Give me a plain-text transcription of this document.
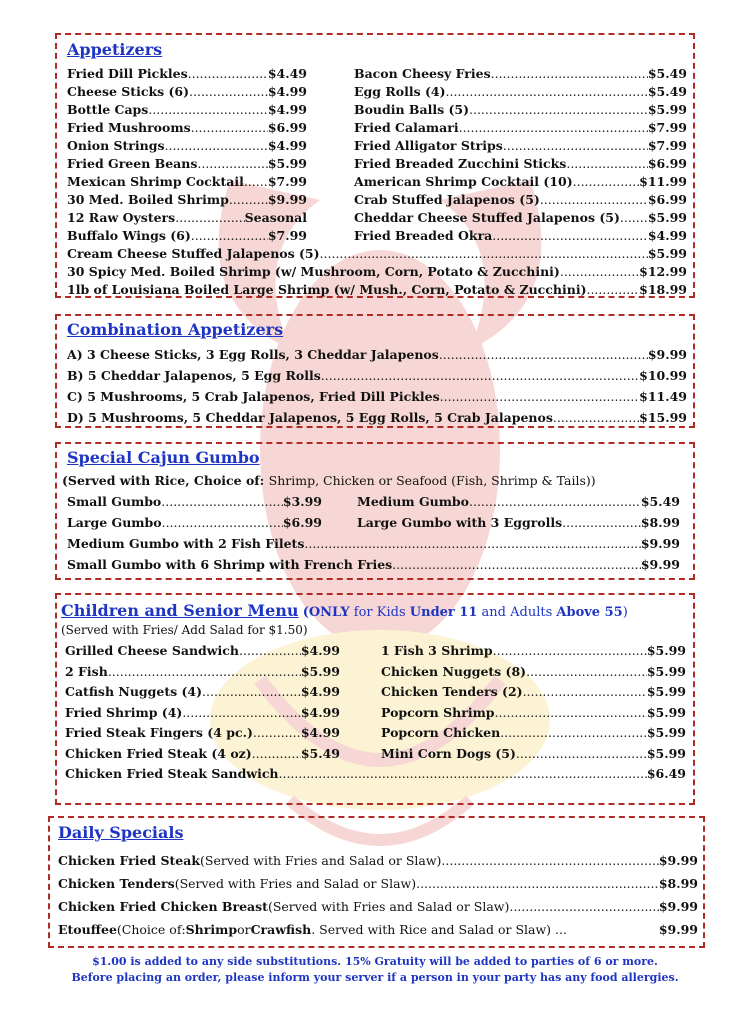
Appetizers
Fried Dill Pickles .....	$4.49	Bacon Cheesy Fries .....	$5.49
Cheese Sticks (6) .....	$4.99	Egg Rolls (4) .....	$5.49
Bottle Caps .....	$4.99	Boudin Balls (5) .....	$5.99
Fried Mushrooms .....	$6.99	Fried Calamari .....	$7.99
Onion Strings .....	$4.99	Fried Alligator Strips .....	$7.99
Fried Green Beans .....	$5.99	Fried Breaded Zucchini Sticks .....	$6.99
Mexican Shrimp Cocktail ..... $7.99	American Shrimp Cocktail (10) .....	$11.99
30 Med. Boiled Shrimp .....	$9.99	Crab Stuffed Jalapenos (5) .....	$6.99
12 Raw Oysters .....	Seasonal	Cheddar Cheese Stuffed Jalapenos (5) ..... $5.99
Buffalo Wings (6) .....	$7.99	Fried Breaded Okra .....	$4.99
Cream Cheese Stuffed Jalapenos (5) .....	$5.99
30 Spicy Med. Boiled Shrimp (w/ Mushroom, Corn, Potato & Zucchini) .....	$12.99
1lb of Louisiana Boiled Large Shrimp (w/ Mush., Corn, Potato & Zucchini) .....	$18.99
Combination Appetizers
A) 3 Cheese Sticks, 3 Egg Rolls, 3 Cheddar Jalapenos .....	$9.99
B) 5 Cheddar Jalapenos, 5 Egg Rolls .....	$10.99
C) 5 Mushrooms, 5 Crab Jalapenos, Fried Dill Pickles .....	$11.49
D) 5 Mushrooms, 5 Cheddar Jalapenos, 5 Egg Rolls, 5 Crab Jalapenos .....	$15.99
Special Cajun Gumbo
(Served with Rice, Choice of: Shrimp, Chicken or Seafood (Fish, Shrimp & Tails))
Small Gumbo .....	$3.99	Medium Gumbo .....	$5.49
Large Gumbo .....	$6.99	Large Gumbo with 3 Eggrolls .....	$8.99
Medium Gumbo with 2 Fish Filets .....	$9.99
Small Gumbo with 6 Shrimp with French Fries .....	$9.99
Children and Senior Menu (ONLY for Kids Under 11 and Adults Above 55)
(Served with Fries/ Add Salad for $1.50)
Grilled Cheese Sandwich .....	$4.99	1 Fish 3 Shrimp .....	$5.99
2 Fish .....	$5.99	Chicken Nuggets (8) .....	$5.99
Catfish Nuggets (4) .....	$4.99	Chicken Tenders (2) .....	$5.99
Fried Shrimp (4) .....	$4.99	Popcorn Shrimp .....	$5.99
Fried Steak Fingers (4 pc.) .....	$4.99	Popcorn Chicken .....	$5.99
Chicken Fried Steak (4 oz) .....	$5.49	Mini Corn Dogs (5) .....	$5.99
Chicken Fried Steak Sandwich .....	$6.49
Daily Specials
Chicken Fried Steak (Served with Fries and Salad or Slaw) .....	$9.99
Chicken Tenders (Served with Fries and Salad or Slaw) .....	$8.99
Chicken Fried Chicken Breast (Served with Fries and Salad or Slaw) .....	$9.99
Etouffee (Choice of: Shrimp or Crawfish . Served with Rice and Salad or Slaw) ...	$9.99
$1.00 is added to any side substitutions. 15% Gratuity will be added to parties of 6 or more.
Before placing an order, please inform your server if a person in your party has any food allergies.
